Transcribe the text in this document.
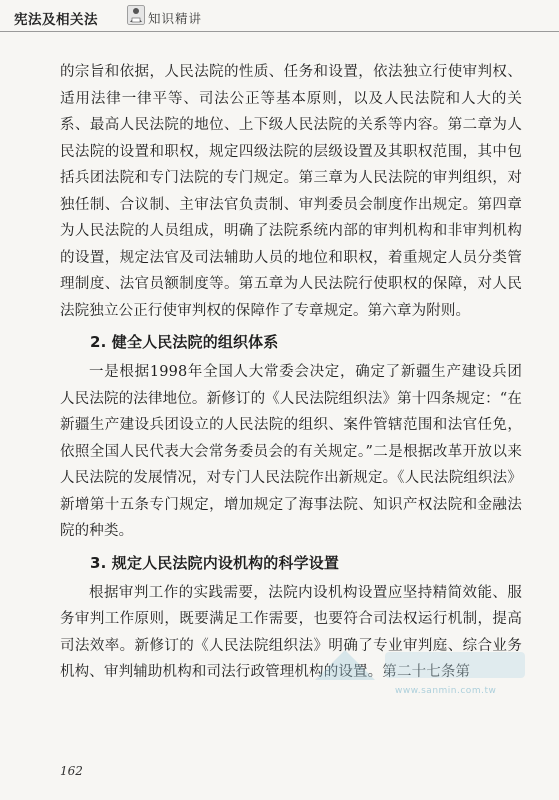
宪法及相关法	知识精讲

的宗旨和依据，人民法院的性质、任务和设置，依法独立行使审判权、适用法律一律平等、司法公正等基本原则，以及人民法院和人大的关系、最高人民法院的地位、上下级人民法院的关系等内容。第二章为人民法院的设置和职权，规定四级法院的层级设置及其职权范围，其中包括兵团法院和专门法院的专门规定。第三章为人民法院的审判组织，对独任制、合议制、主审法官负责制、审判委员会制度作出规定。第四章为人民法院的人员组成，明确了法院系统内部的审判机构和非审判机构的设置，规定法官及司法辅助人员的地位和职权，着重规定人员分类管理制度、法官员额制度等。第五章为人民法院行使职权的保障，对人民法院独立公正行使审判权的保障作了专章规定。第六章为附则。

2. 健全人民法院的组织体系

一是根据1998年全国人大常委会决定，确定了新疆生产建设兵团人民法院的法律地位。新修订的《人民法院组织法》第十四条规定：“在新疆生产建设兵团设立的人民法院的组织、案件管辖范围和法官任免，依照全国人民代表大会常务委员会的有关规定。”二是根据改革开放以来人民法院的发展情况，对专门人民法院作出新规定。《人民法院组织法》新增第十五条专门规定，增加规定了海事法院、知识产权法院和金融法院的种类。

3. 规定人民法院内设机构的科学设置

根据审判工作的实践需要，法院内设机构设置应坚持精简效能、服务审判工作原则，既要满足工作需要，也要符合司法权运行机制，提高司法效率。新修订的《人民法院组织法》明确了专业审判庭、综合业务机构、审判辅助机构和司法行政管理机构的设置。第二十七条第

www.sanmin.com.tw
162
